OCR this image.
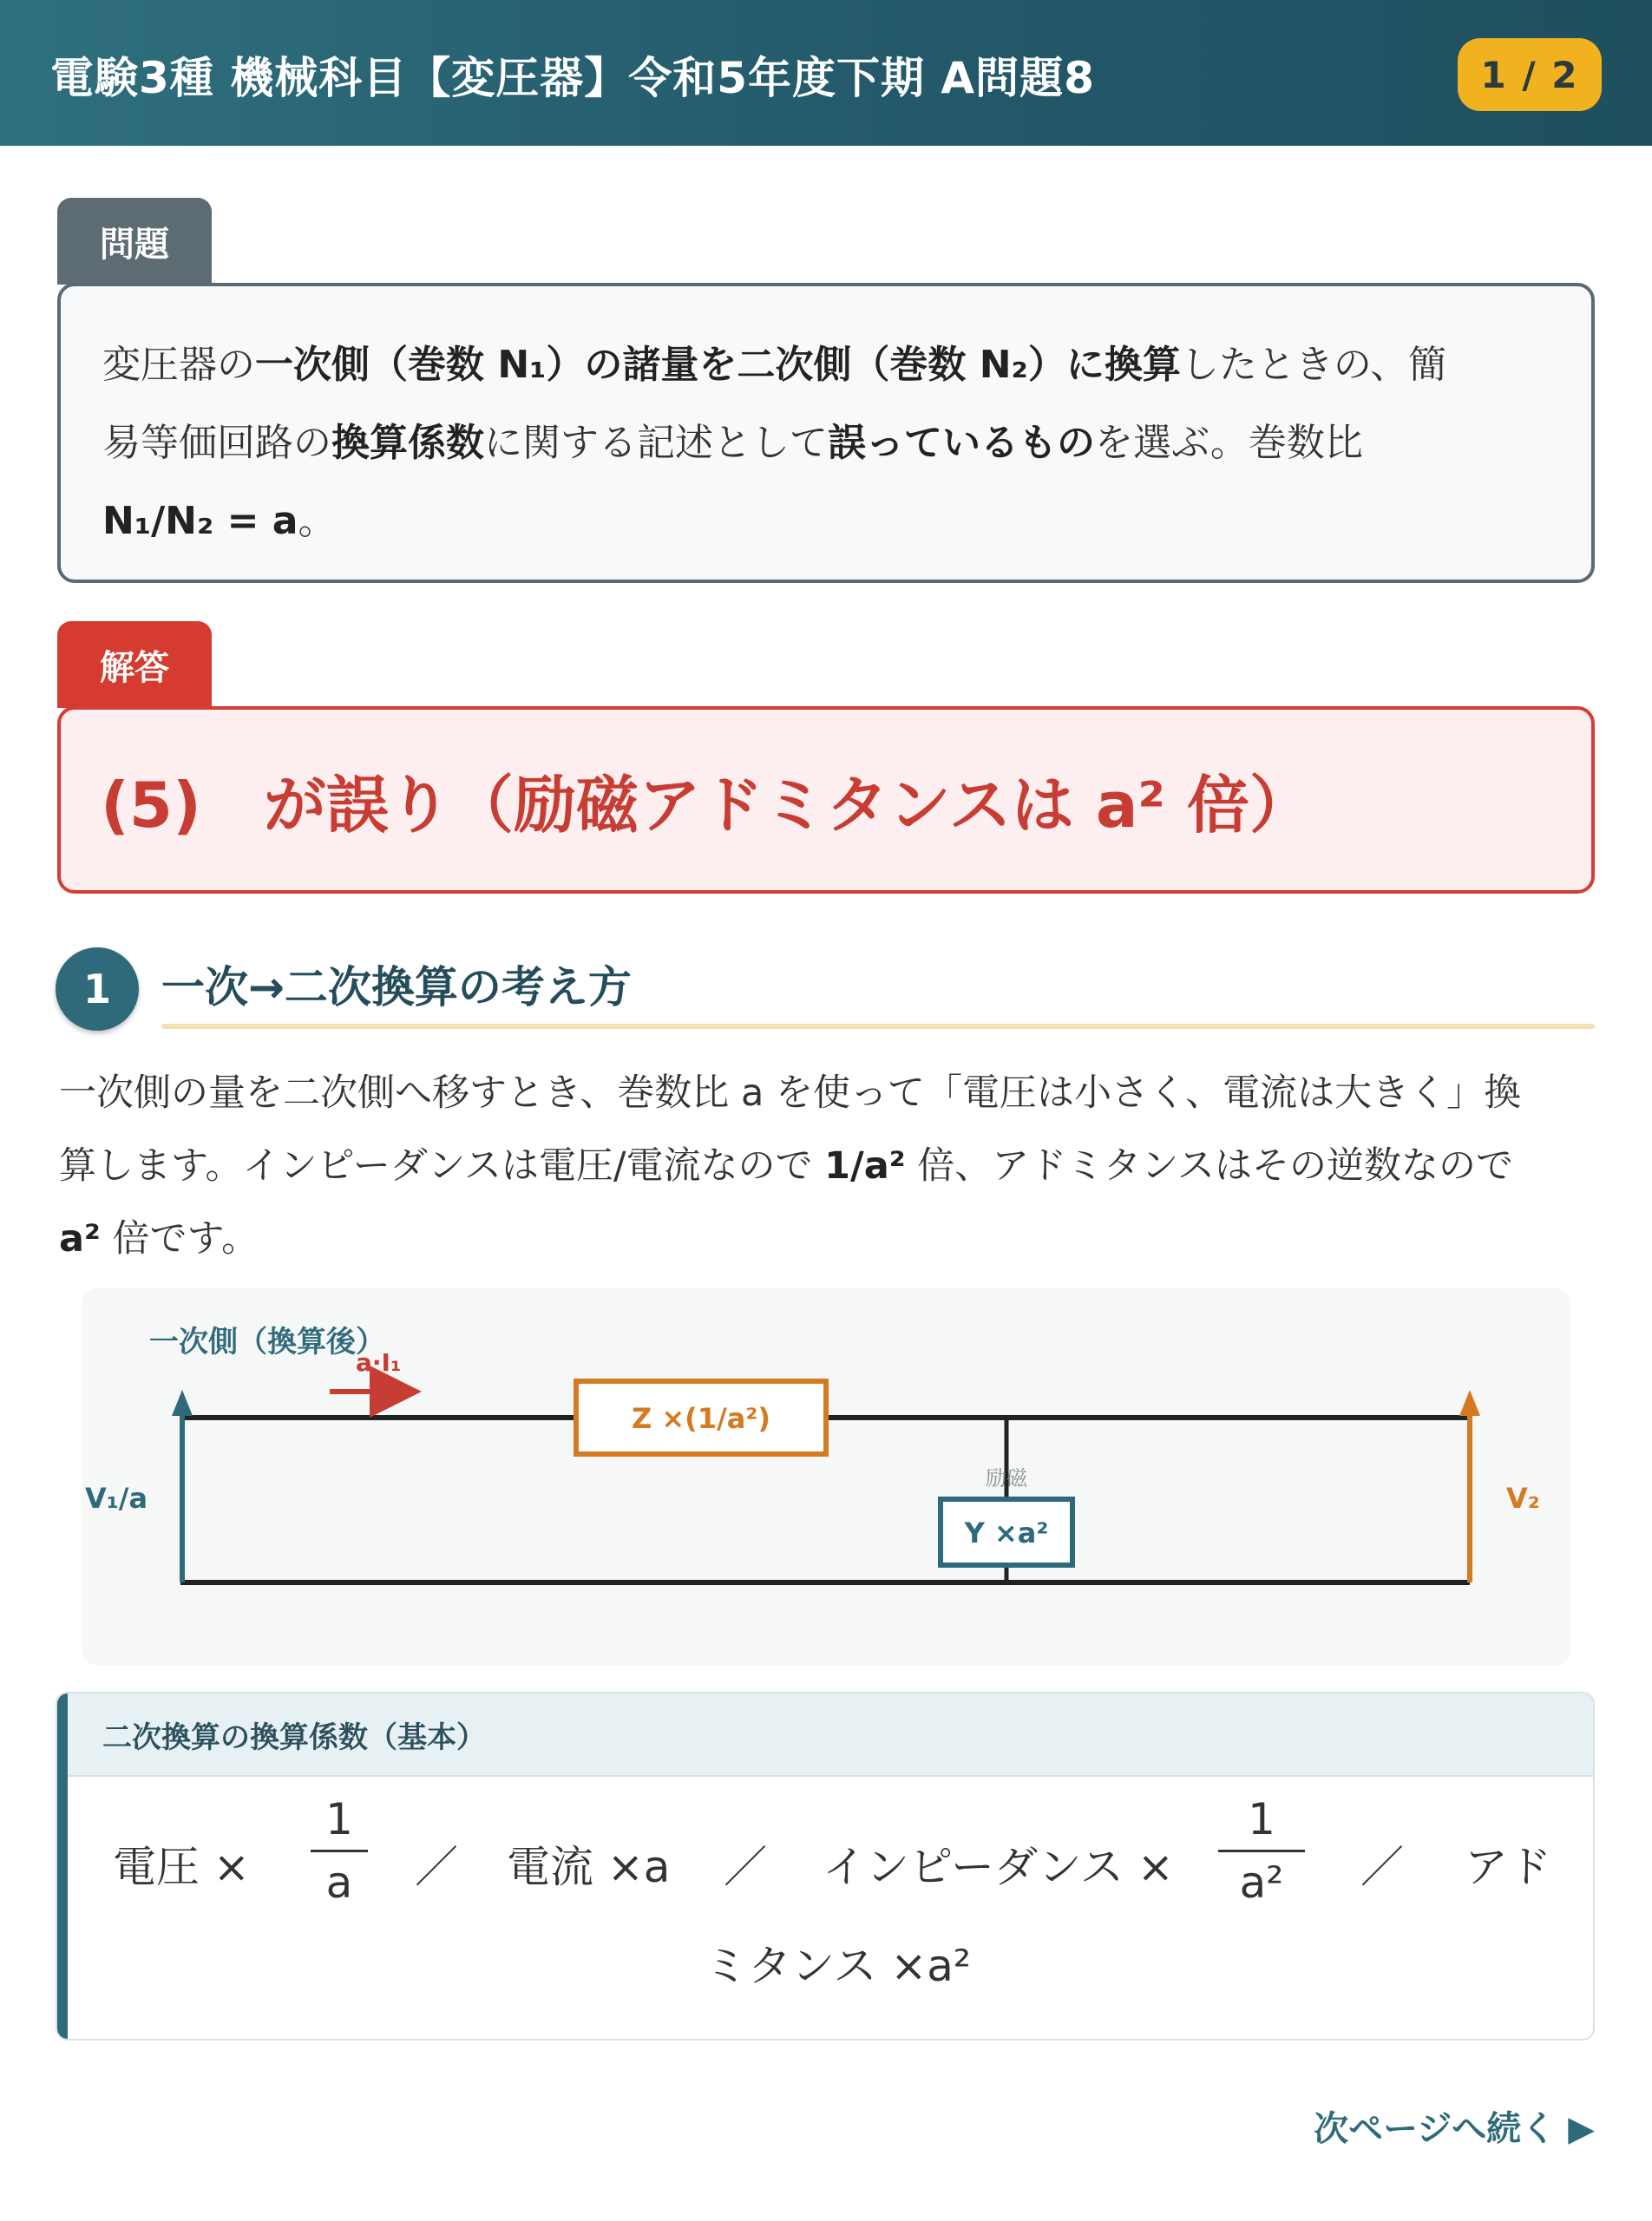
電験3種 機械科目【変圧器】令和5年度下期 A問題8	1 / 2
問題
変圧器の一次側（巻数 N₁）の諸量を二次側（巻数 N₂）に換算したときの、簡
易等価回路の換算係数に関する記述として誤っているものを選ぶ。巻数比
N₁/N₂ = a。
解答
(5)　が誤り（励磁アドミタンスは a² 倍）
1	一次→二次換算の考え方
一次側の量を二次側へ移すとき、巻数比 a を使って「電圧は小さく、電流は大きく」換
算します。インピーダンスは電圧/電流なので 1/a² 倍、アドミタンスはその逆数なので
a² 倍です。
一次側（換算後）
a·I₁
Z ×(1/a²)
励磁
Y ×a²
V₁/a	V₂
二次換算の換算係数（基本）
電圧 ×
1
a ／ 電流 ×a ／ インピーダンス ×
1
a² ／ アド
ミタンス ×a²
次ページへ続く ▶
